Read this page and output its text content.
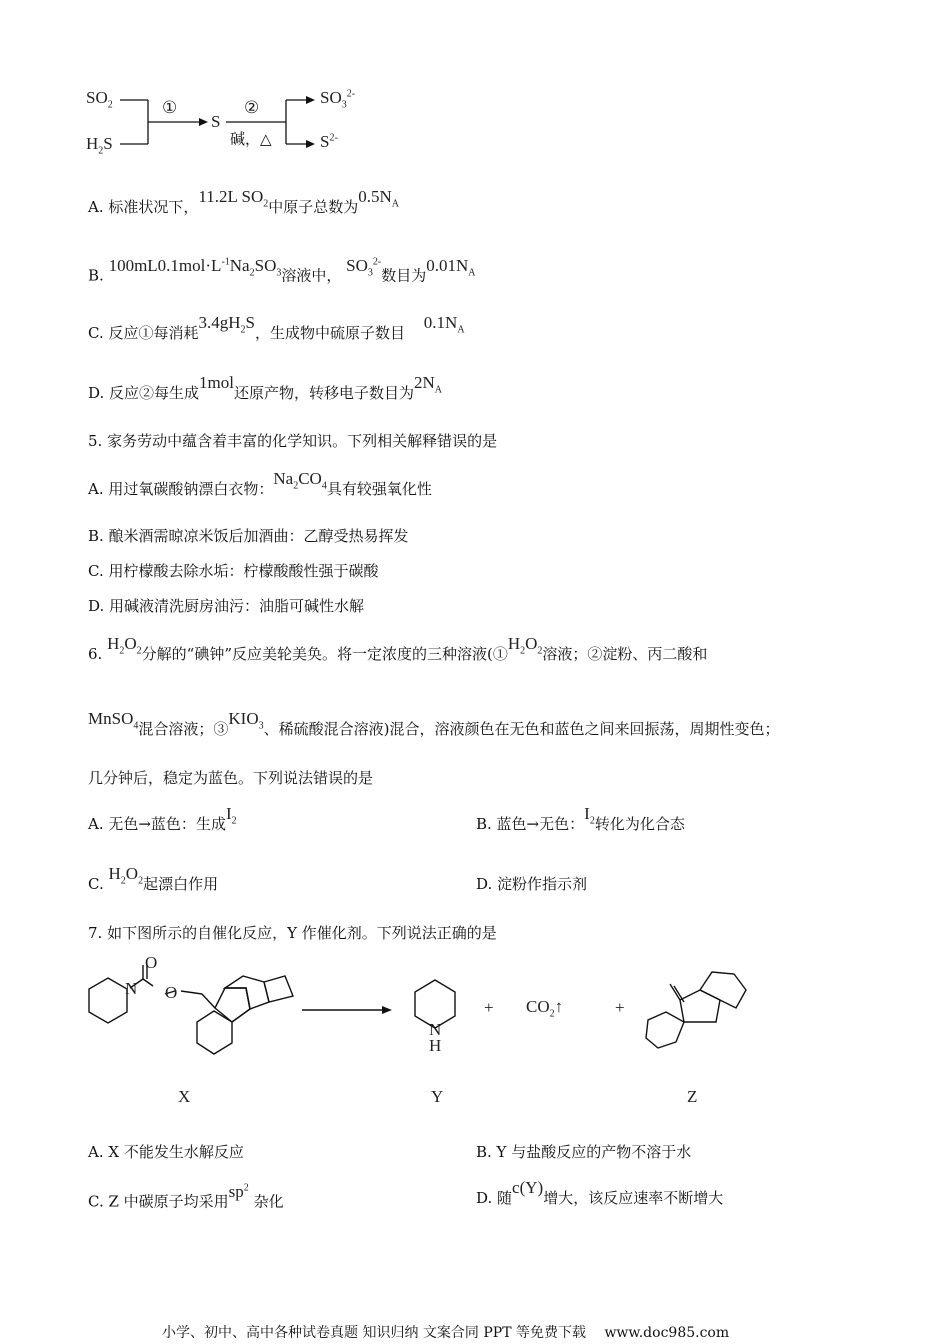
$SO_2$
$H_2S$
①
S
②
碱，△
$SO_3^{2-}$
$S^{2-}$
A. 标准状况下，11.2L $SO_2$中原子总数为$0.5N_A$
B. $100mL0.1mol\cdot L^{-1}Na_2SO_3$溶液中， $SO_3^{2-}$数目为$0.01N_A$
C. 反应①每消耗$3.4gH_2S$，生成物中硫原子数目 $0.1N_A$
D. 反应②每生成1mol还原产物，转移电子数目为$2N_A$
5. 家务劳动中蕴含着丰富的化学知识。下列相关解释错误的是
A. 用过氧碳酸钠漂白衣物：$Na_2CO_4$具有较强氧化性
B. 酿米酒需晾凉米饭后加酒曲：乙醇受热易挥发
C. 用柠檬酸去除水垢：柠檬酸酸性强于碳酸
D. 用碱液清洗厨房油污：油脂可碱性水解
6. $H_2O_2$分解的“碘钟”反应美轮美奂。将一定浓度的三种溶液($①H_2O_2$溶液；②淀粉、丙二酸和
MnSO$_4$混合溶液；$③KIO_3$、稀硫酸混合溶液)混合，溶液颜色在无色和蓝色之间来回振荡，周期性变色；
几分钟后，稳定为蓝色。下列说法错误的是
A. 无色→蓝色：生成$I_2$	B. 蓝色→无色：$I_2$转化为化合态
C. $H_2O_2$起漂白作用	D. 淀粉作指示剂
7. 如下图所示的自催化反应，Y 作催化剂。下列说法正确的是
O
O
N
N
H
+ $CO_2↑$	+
X	Y	Z
A. X 不能发生水解反应	B. Y 与盐酸反应的产物不溶于水
C. Z 中碳原子均采用$sp^2$ 杂化	D. 随c(Y)增大，该反应速率不断增大
小学、初中、高中各种试卷真题 知识归纳 文案合同 PPT 等免费下载 www.doc985.com
